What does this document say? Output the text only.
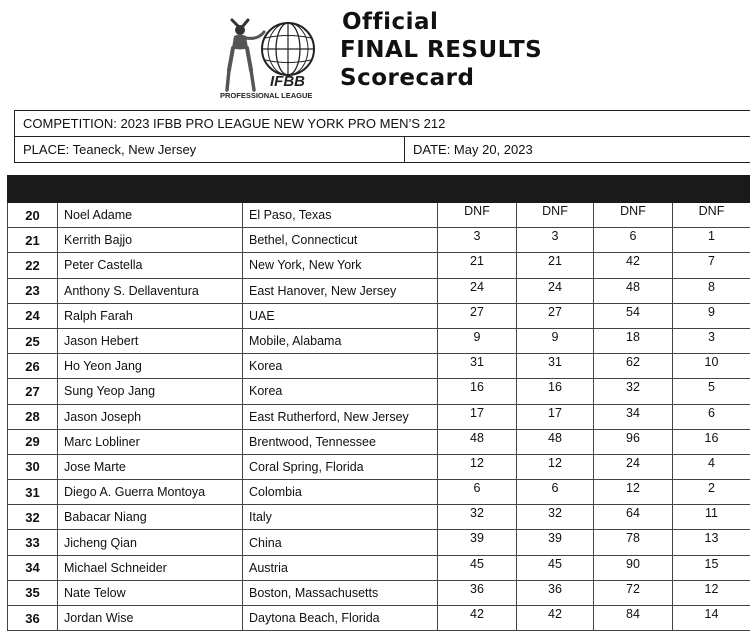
IFBB
PROFESSIONAL LEAGUE
Official
FINAL RESULTS
Scorecard
COMPETITION: 2023 IFBB PRO LEAGUE NEW YORK PRO MEN’S 212
PLACE: Teaneck, New Jersey	DATE: May 20, 2023

20	Noel Adame	El Paso, Texas	DNF	DNF	DNF	DNF
21	Kerrith Bajjo	Bethel, Connecticut	3	3	6	1
22	Peter Castella	New York, New York	21	21	42	7
23	Anthony S. Dellaventura	East Hanover, New Jersey	24	24	48	8
24	Ralph Farah	UAE	27	27	54	9
25	Jason Hebert	Mobile, Alabama	9	9	18	3
26	Ho Yeon Jang	Korea	31	31	62	10
27	Sung Yeop Jang	Korea	16	16	32	5
28	Jason Joseph	East Rutherford, New Jersey	17	17	34	6
29	Marc Lobliner	Brentwood, Tennessee	48	48	96	16
30	Jose Marte	Coral Spring, Florida	12	12	24	4
31	Diego A. Guerra Montoya	Colombia	6	6	12	2
32	Babacar Niang	Italy	32	32	64	11
33	Jicheng Qian	China	39	39	78	13
34	Michael Schneider	Austria	45	45	90	15
35	Nate Telow	Boston, Massachusetts	36	36	72	12
36	Jordan Wise	Daytona Beach, Florida	42	42	84	14
